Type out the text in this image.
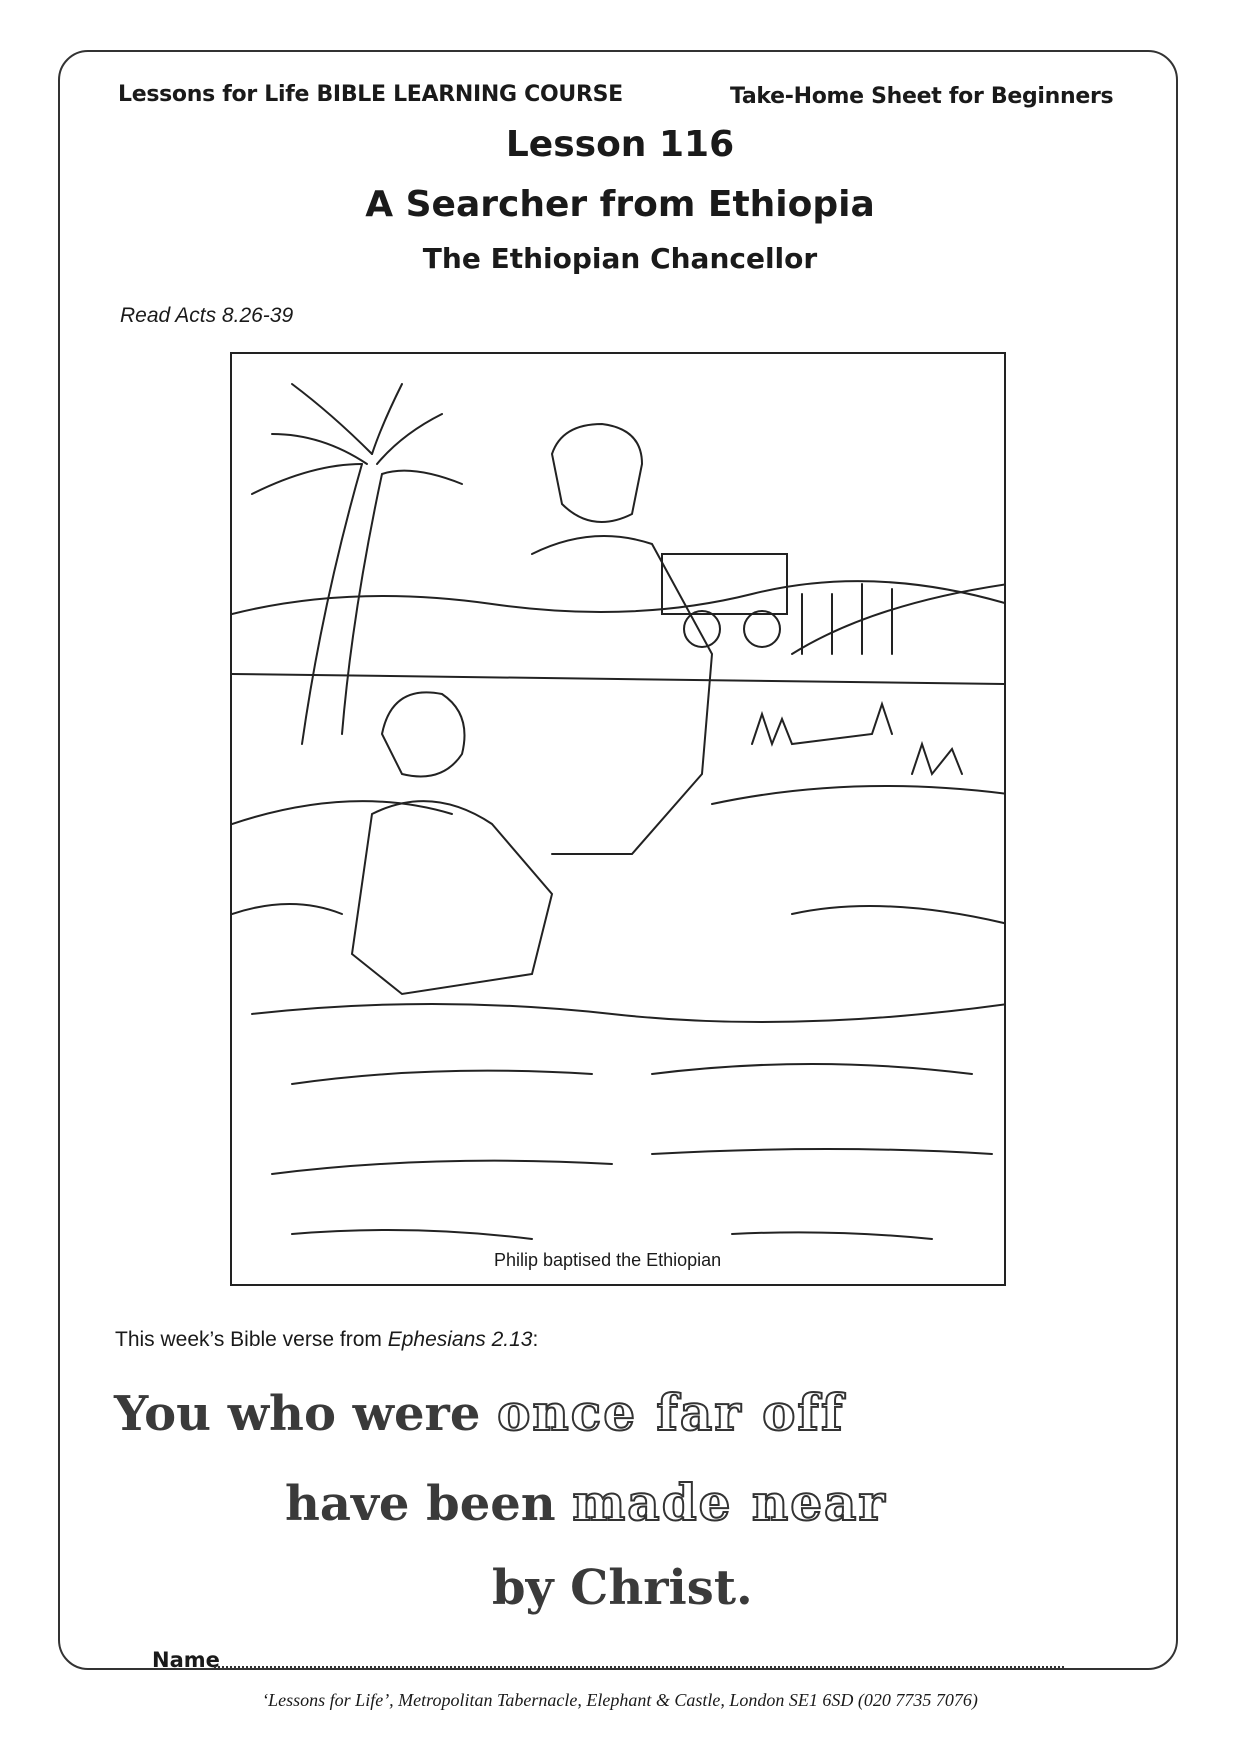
Lessons for Life BIBLE LEARNING COURSE	Take-Home Sheet for Beginners
Lesson 116
A Searcher from Ethiopia
The Ethiopian Chancellor
Read Acts 8.26-39
Philip baptised the Ethiopian
This week’s Bible verse from Ephesians 2.13:
You who were once far off
have been made near
by Christ.
Name
‘Lessons for Life’, Metropolitan Tabernacle, Elephant & Castle, London SE1 6SD (020 7735 7076)
